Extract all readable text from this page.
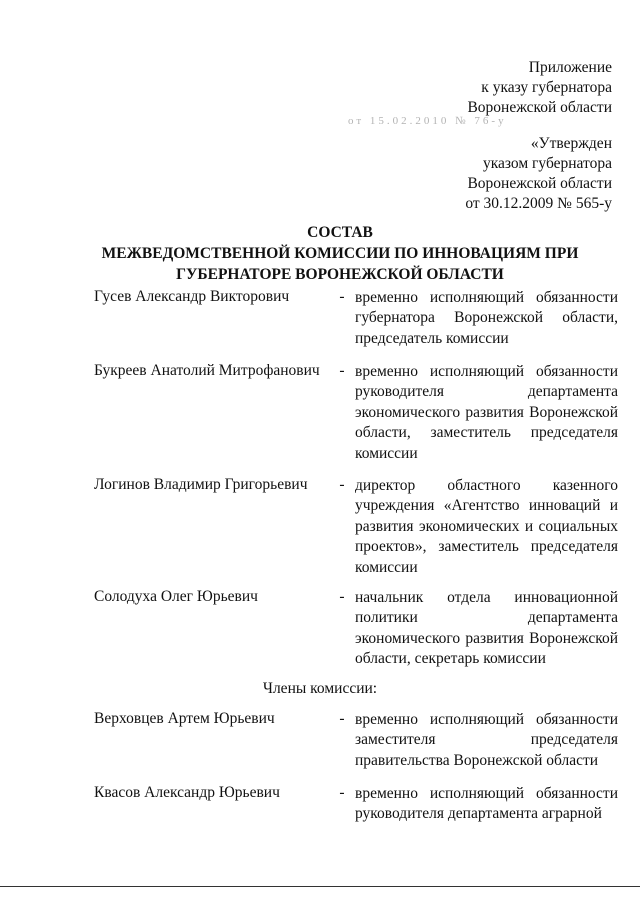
Приложение
к указу губернатора
Воронежской области
от 15.02.2010 № 76-у
«Утвержден
указом губернатора
Воронежской области
от 30.12.2009 № 565-у
СОСТАВ
МЕЖВЕДОМСТВЕННОЙ КОМИССИИ ПО ИННОВАЦИЯМ ПРИ
ГУБЕРНАТОРЕ ВОРОНЕЖСКОЙ ОБЛАСТИ
Гусев Александр Викторович	- временно исполняющий обязанности губернатора Воронежской области, председатель комиссии
Букреев Анатолий Митрофанович	- временно исполняющий обязанности руководителя департамента экономического развития Воронежской области, заместитель председателя комиссии
Логинов Владимир Григорьевич	- директор областного казенного учреждения «Агентство инноваций и развития экономических и социальных проектов», заместитель председателя комиссии
Солодуха Олег Юрьевич	- начальник отдела инновационной политики департамента экономического развития Воронежской области, секретарь комиссии
Члены комиссии:
Верховцев Артем Юрьевич	- временно исполняющий обязанности заместителя председателя правительства Воронежской области
Квасов Александр Юрьевич	- временно исполняющий обязанности руководителя департамента аграрной
